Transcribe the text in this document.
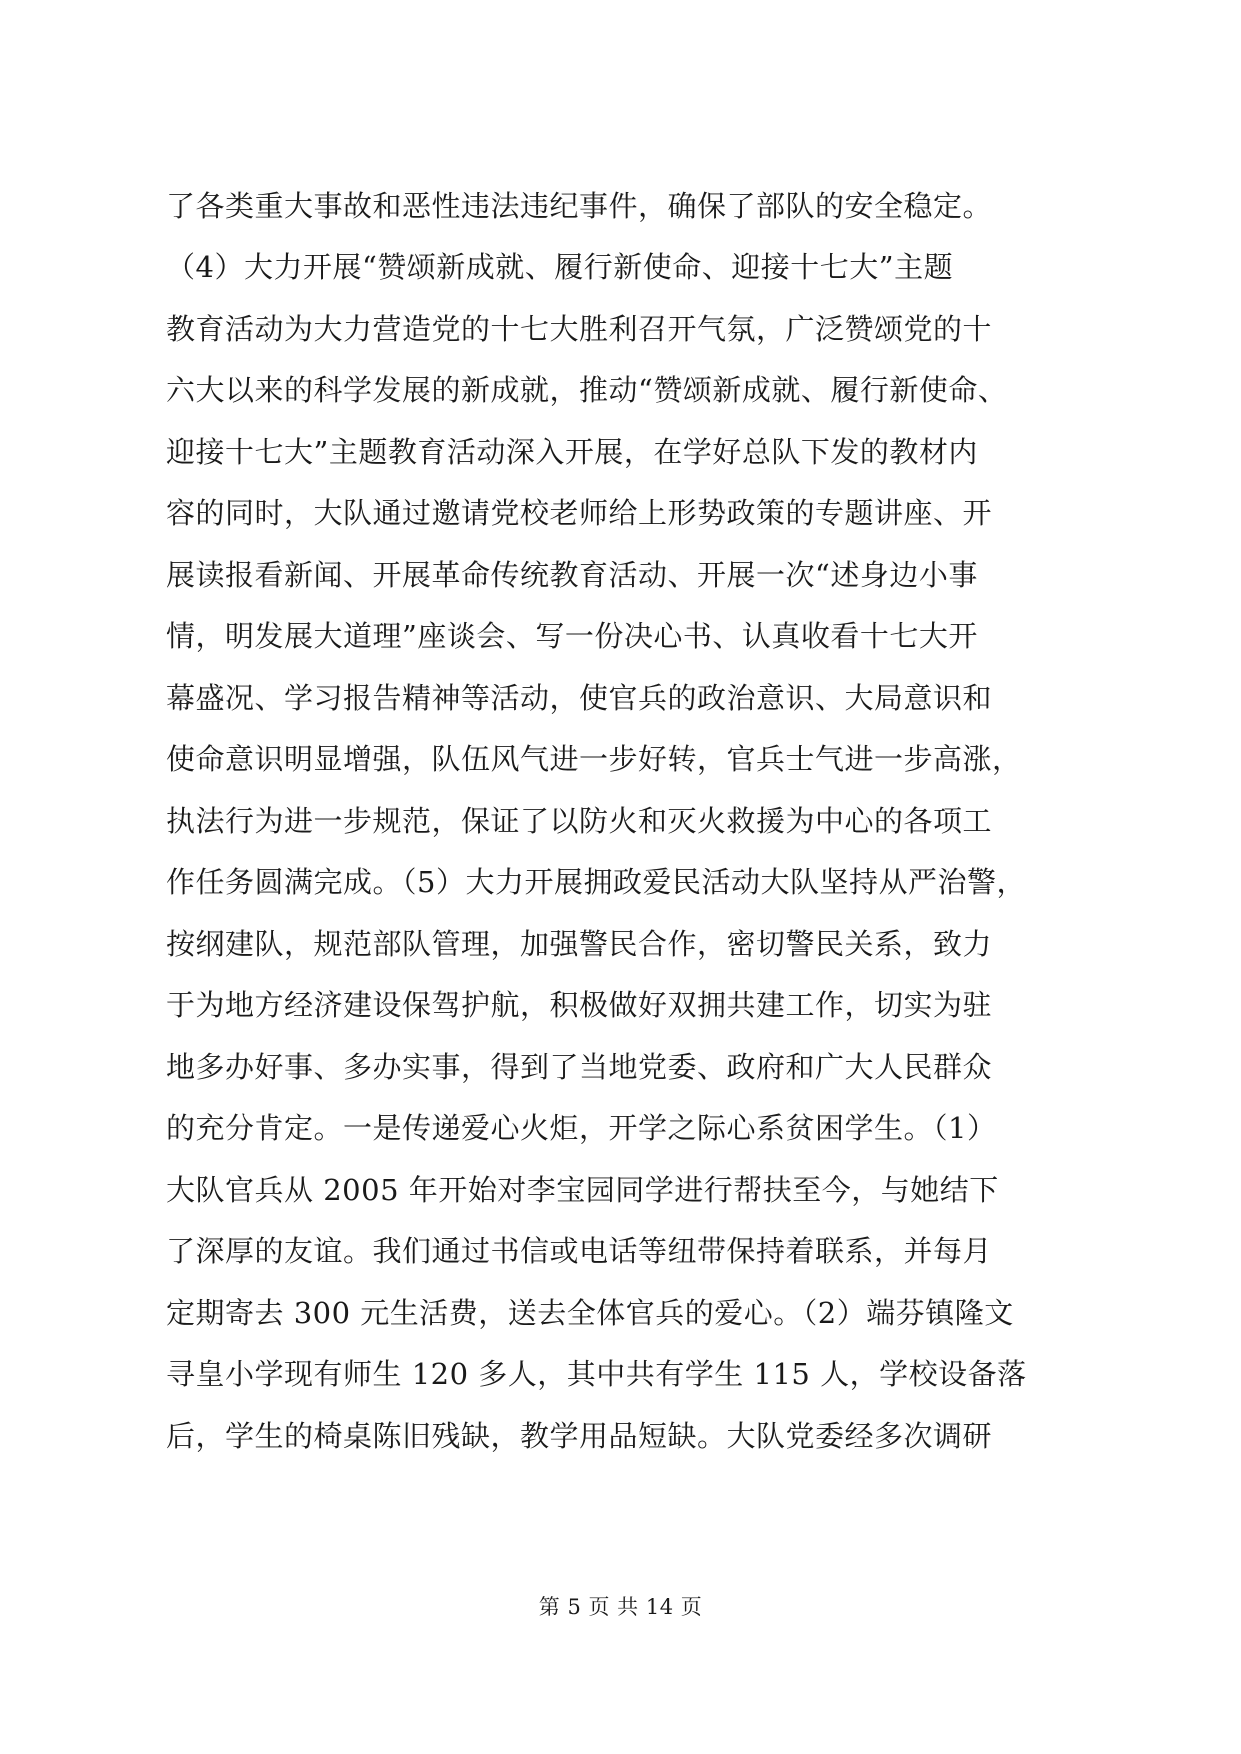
了各类重大事故和恶性违法违纪事件，确保了部队的安全稳定。
（4）大力开展“赞颂新成就、履行新使命、迎接十七大”主题
教育活动为大力营造党的十七大胜利召开气氛，广泛赞颂党的十
六大以来的科学发展的新成就，推动“赞颂新成就、履行新使命、
迎接十七大”主题教育活动深入开展，在学好总队下发的教材内
容的同时，大队通过邀请党校老师给上形势政策的专题讲座、开
展读报看新闻、开展革命传统教育活动、开展一次“述身边小事
情，明发展大道理”座谈会、写一份决心书、认真收看十七大开
幕盛况、学习报告精神等活动，使官兵的政治意识、大局意识和
使命意识明显增强，队伍风气进一步好转，官兵士气进一步高涨，
执法行为进一步规范，保证了以防火和灭火救援为中心的各项工
作任务圆满完成。（5）大力开展拥政爱民活动大队坚持从严治警，
按纲建队，规范部队管理，加强警民合作，密切警民关系，致力
于为地方经济建设保驾护航，积极做好双拥共建工作，切实为驻
地多办好事、多办实事，得到了当地党委、政府和广大人民群众
的充分肯定。一是传递爱心火炬，开学之际心系贫困学生。（1）
大队官兵从 2005 年开始对李宝园同学进行帮扶至今，与她结下
了深厚的友谊。我们通过书信或电话等纽带保持着联系，并每月
定期寄去 300 元生活费，送去全体官兵的爱心。（2）端芬镇隆文
寻皇小学现有师生 120 多人，其中共有学生 115 人，学校设备落
后，学生的椅桌陈旧残缺，教学用品短缺。大队党委经多次调研
第 5 页 共 14 页
